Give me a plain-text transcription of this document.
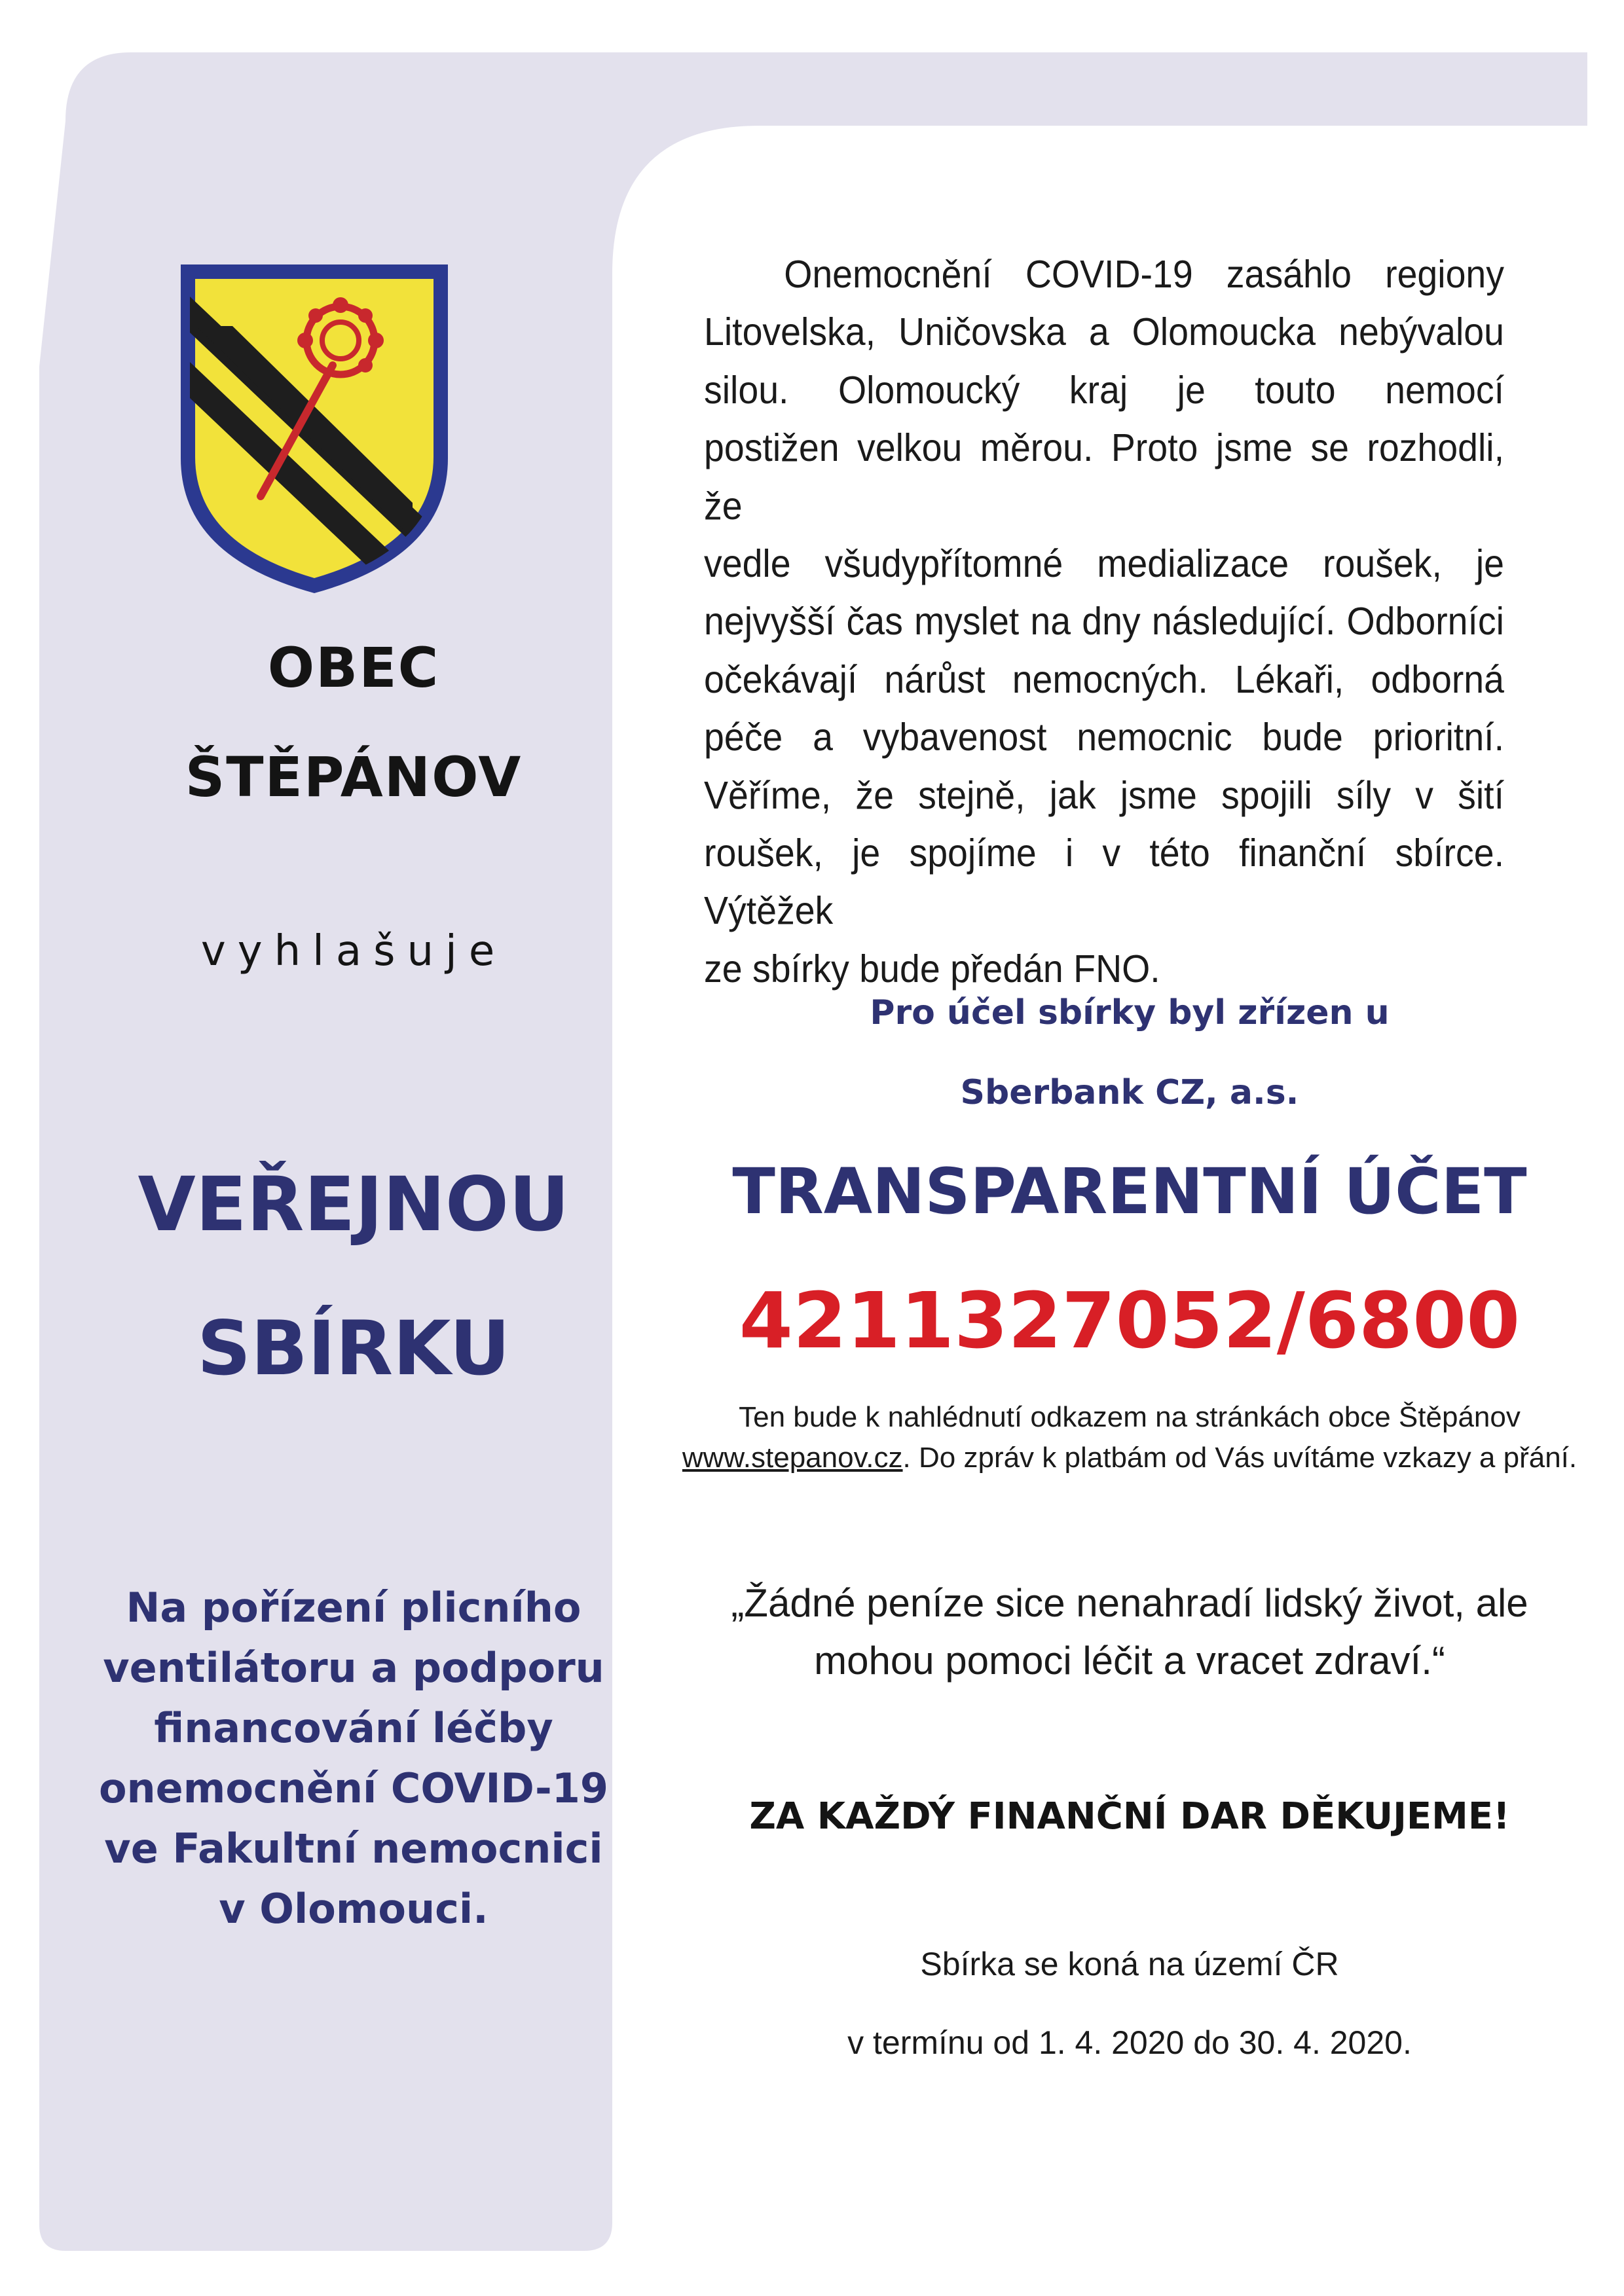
OBEC
ŠTĚPÁNOV
vyhlašuje
VEŘEJNOU
SBÍRKU
Na pořízení plicního
ventilátoru a podporu
financování léčby
onemocnění COVID-19
ve Fakultní nemocnici
v Olomouci.
Onemocnění COVID-19 zasáhlo regiony
Litovelska, Uničovska a Olomoucka nebývalou
silou. Olomoucký kraj je touto nemocí
postižen velkou měrou. Proto jsme se rozhodli, že
vedle všudypřítomné medializace roušek, je
nejvyšší čas myslet na dny následující. Odborníci
očekávají nárůst nemocných. Lékaři, odborná
péče a vybavenost nemocnic bude prioritní.
Věříme, že stejně, jak jsme spojili síly v šití
roušek, je spojíme i v této finanční sbírce. Výtěžek
ze sbírky bude předán FNO.
Pro účel sbírky byl zřízen u
Sberbank CZ, a.s.
TRANSPARENTNÍ ÚČET
4211327052/6800
Ten bude k nahlédnutí odkazem na stránkách obce Štěpánov
www.stepanov.cz. Do zpráv k platbám od Vás uvítáme vzkazy a přání.
„Žádné peníze sice nenahradí lidský život, ale
mohou pomoci léčit a vracet zdraví.“
ZA KAŽDÝ FINANČNÍ DAR DĚKUJEME!
Sbírka se koná na území ČR
v termínu od 1. 4. 2020 do 30. 4. 2020.
